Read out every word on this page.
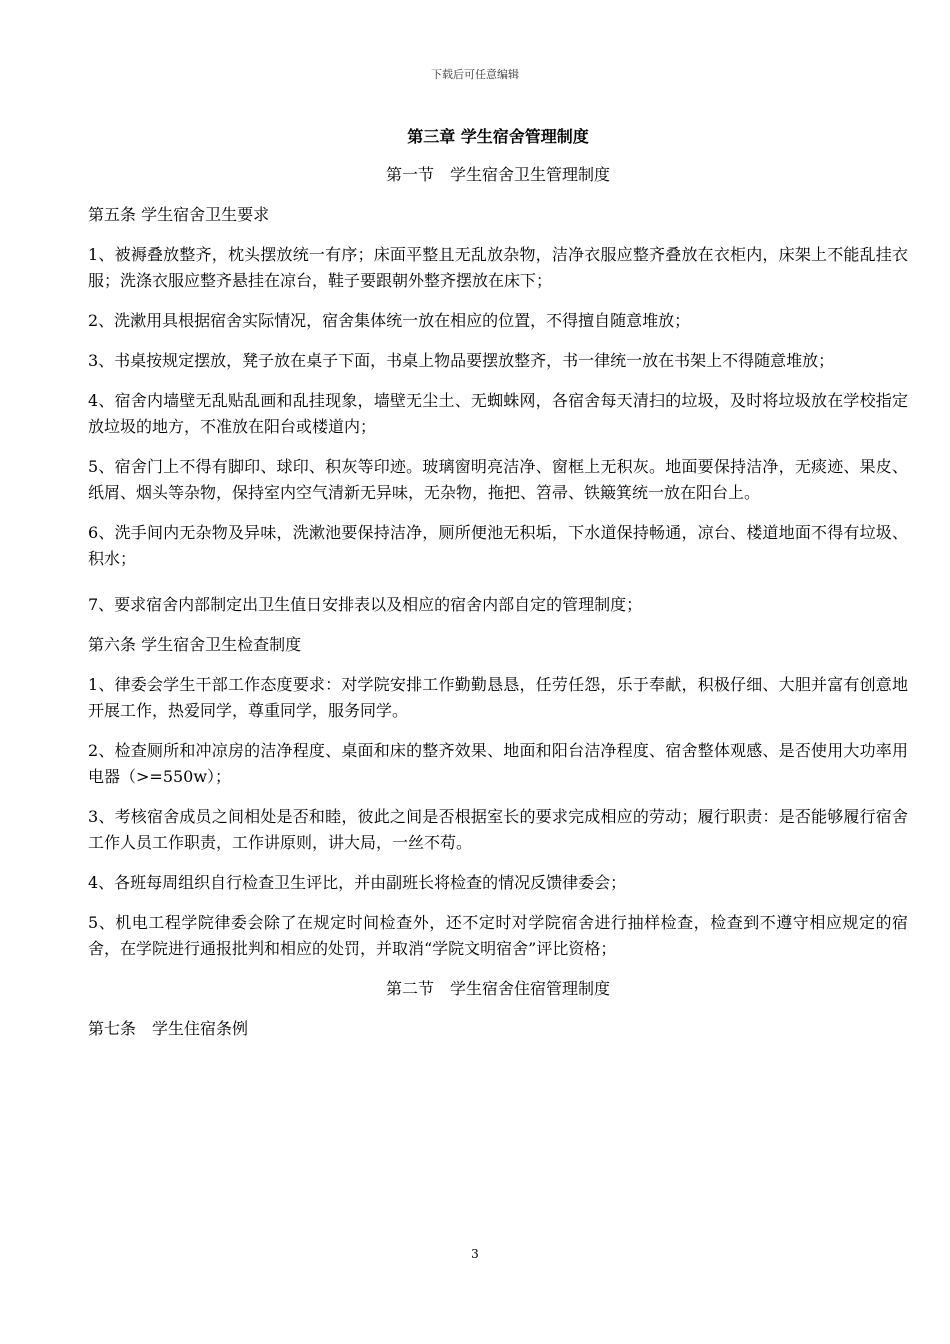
下载后可任意编辑
第三章 学生宿舍管理制度
第一节　学生宿舍卫生管理制度
第五条 学生宿舍卫生要求
1、被褥叠放整齐，枕头摆放统一有序；床面平整且无乱放杂物，洁净衣服应整齐叠放在衣柜内，床架上不能乱挂衣服；洗涤衣服应整齐悬挂在凉台，鞋子要跟朝外整齐摆放在床下；
2、洗漱用具根据宿舍实际情况，宿舍集体统一放在相应的位置，不得擅自随意堆放；
3、书桌按规定摆放，凳子放在桌子下面，书桌上物品要摆放整齐，书一律统一放在书架上不得随意堆放；
4、宿舍内墙壁无乱贴乱画和乱挂现象，墙壁无尘土、无蜘蛛网，各宿舍每天清扫的垃圾，及时将垃圾放在学校指定放垃圾的地方，不准放在阳台或楼道内；
5、宿舍门上不得有脚印、球印、积灰等印迹。玻璃窗明亮洁净、窗框上无积灰。地面要保持洁净，无痰迹、果皮、纸屑、烟头等杂物，保持室内空气清新无异味，无杂物，拖把、笤帚、铁簸箕统一放在阳台上。
6、洗手间内无杂物及异味，洗漱池要保持洁净，厕所便池无积垢，下水道保持畅通，凉台、楼道地面不得有垃圾、积水；
7、要求宿舍内部制定出卫生值日安排表以及相应的宿舍内部自定的管理制度；
第六条 学生宿舍卫生检查制度
1、律委会学生干部工作态度要求：对学院安排工作勤勤恳恳，任劳任怨，乐于奉献，积极仔细、大胆并富有创意地开展工作，热爱同学，尊重同学，服务同学。
2、检查厕所和冲凉房的洁净程度、桌面和床的整齐效果、地面和阳台洁净程度、宿舍整体观感、是否使用大功率用电器（>=550w）；
3、考核宿舍成员之间相处是否和睦，彼此之间是否根据室长的要求完成相应的劳动；履行职责：是否能够履行宿舍工作人员工作职责，工作讲原则，讲大局，一丝不苟。
4、各班每周组织自行检查卫生评比，并由副班长将检查的情况反馈律委会；
5、机电工程学院律委会除了在规定时间检查外，还不定时对学院宿舍进行抽样检查，检查到不遵守相应规定的宿舍，在学院进行通报批判和相应的处罚，并取消“学院文明宿舍”评比资格；
第二节　学生宿舍住宿管理制度
第七条　学生住宿条例
3
